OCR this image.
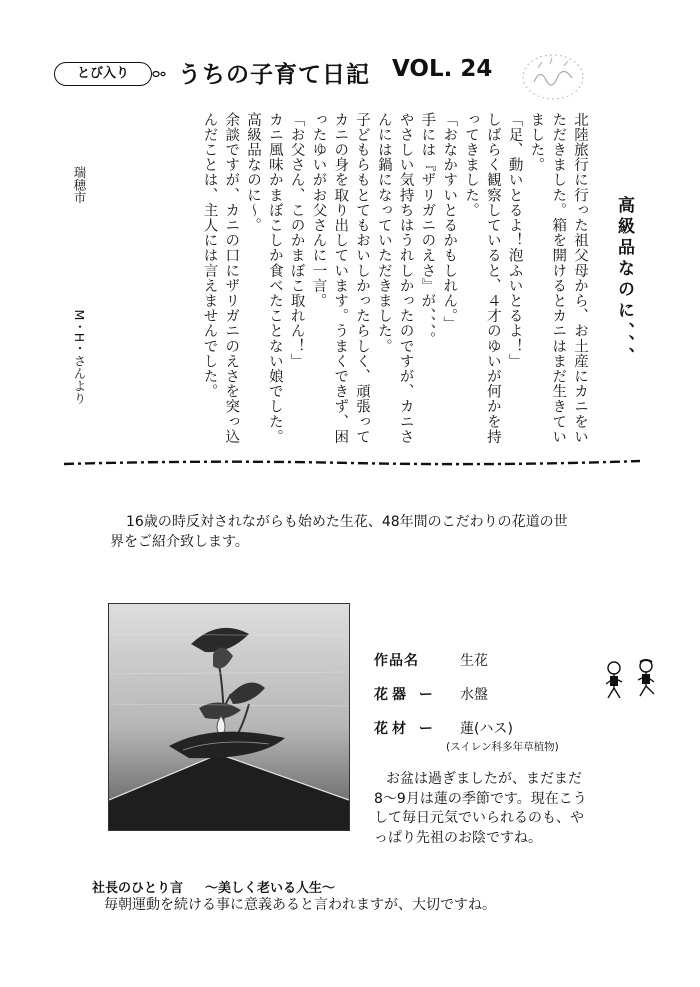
とび入り	うちの子育て日記 VOL. 24
高級品なのに、、、

北陸旅行に行った祖父母から、お土産にカニをいただきました。箱を開けるとカニはまだ生きていました。

「足、動いとるよ！泡ふいとるよ！」

しばらく観察していると、４才のゆいが何かを持ってきました。

「おなかすいとるかもしれん。」

手には『ザリガニのえさ』が、、、。

やさしい気持ちはうれしかったのですが、カニさんには鍋になっていただきました。

子どもらもとてもおいしかったらしく、頑張ってカニの身を取り出しています。うまくできず、困ったゆいがお父さんに一言。

「お父さん、このかまぼこ取れん！」

カニ風味かまぼこしか食べたことない娘でした。

高級品なのに〜。

余談ですが、カニの口にザリガニのえさを突っ込んだことは、主人には言えませんでした。

瑞穂市M・H・さんより
16歳の時反対されながらも始めた生花、48年間のこだわりの花道の世界をご紹介致します。
作品名	生花
花器 ー 水盤
花材 ー 蓮(ハス)
(スイレン科多年草植物)
お盆は過ぎましたが、まだまだ8～9月は蓮の季節です。現在こうして毎日元気でいられるのも、やっぱり先祖のお陰ですね。
社長のひとり言 ～美しく老いる人生～
毎朝運動を続ける事に意義あると言われますが、大切ですね。
